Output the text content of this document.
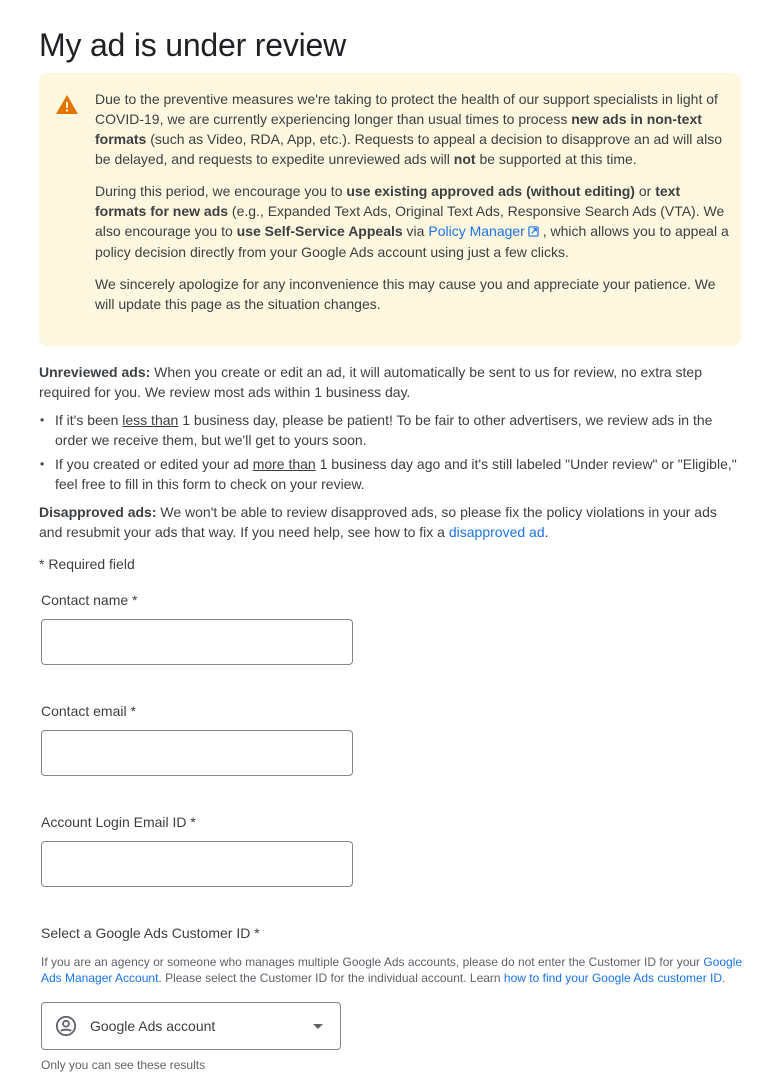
My ad is under review

Due to the preventive measures we're taking to protect the health of our support specialists in light of COVID-19, we are currently experiencing longer than usual times to process new ads in non-text formats (such as Video, RDA, App, etc.). Requests to appeal a decision to disapprove an ad will also be delayed, and requests to expedite unreviewed ads will not be supported at this time.

During this period, we encourage you to use existing approved ads (without editing) or text formats for new ads (e.g., Expanded Text Ads, Original Text Ads, Responsive Search Ads (VTA). We also encourage you to use Self-Service Appeals via Policy Manager , which allows you to appeal a policy decision directly from your Google Ads account using just a few clicks.

We sincerely apologize for any inconvenience this may cause you and appreciate your patience. We will update this page as the situation changes.

Unreviewed ads: When you create or edit an ad, it will automatically be sent to us for review, no extra step required for you. We review most ads within 1 business day.

• If it's been less than 1 business day, please be patient! To be fair to other advertisers, we review ads in the order we receive them, but we'll get to yours soon.
• If you created or edited your ad more than 1 business day ago and it's still labeled "Under review" or "Eligible," feel free to fill in this form to check on your review.

Disapproved ads: We won't be able to review disapproved ads, so please fix the policy violations in your ads and resubmit your ads that way. If you need help, see how to fix a disapproved ad.

* Required field
Contact name *
Contact email *
Account Login Email ID *
Select a Google Ads Customer ID *
If you are an agency or someone who manages multiple Google Ads accounts, please do not enter the Customer ID for your Google Ads Manager Account. Please select the Customer ID for the individual account. Learn how to find your Google Ads customer ID.
Google Ads account
Only you can see these results
